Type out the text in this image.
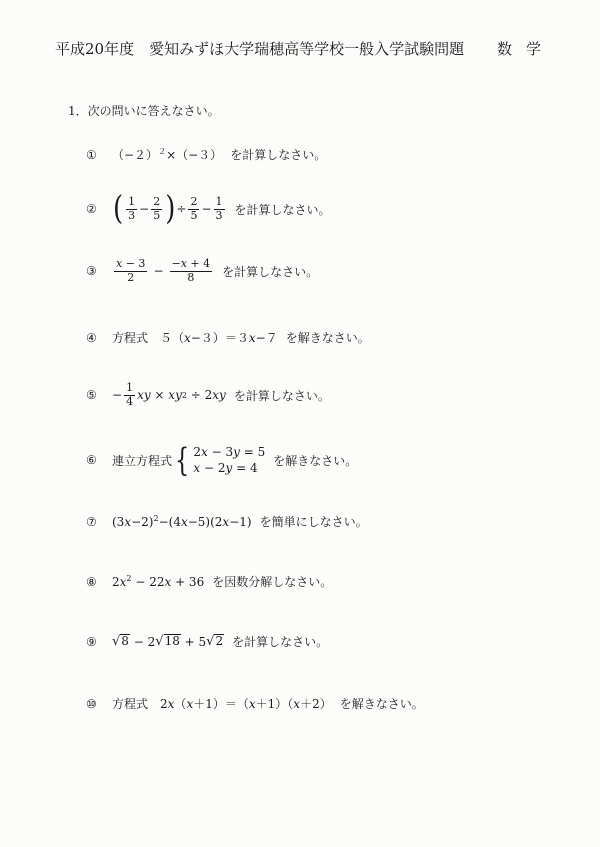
平成20年度　愛知みずほ大学瑞穂高等学校一般入学試験問題 数学
1．次の問いに答えなさい。
①	$(-2)^2\times(-3)$ を計算しなさい。
② ( $\frac{1}{3} - \frac{2}{5}$ ) ÷ $\frac{2}{5} - \frac{1}{3}$ を計算しなさい。
③	$\frac{x - 3}{2} - \frac{-x + 4}{8}$ を計算しなさい。
④	方程式　５（x−３）＝３x−７ を解きなさい。
⑤	− $\frac{1}{4}$ xy × xy 2 ÷ 2 xy を計算しなさい。
⑥	連立方程式 { 2x − 3y = 5
x − 2y = 4
を解きなさい。
⑦	$(3x-2)^2-(4x-5)(2x-1)$ を簡単にしなさい。
⑧	$2x^2 - 22x + 36$ を因数分解しなさい。
⑨	√ 8 − 2 √ 18 + 5 √ 2 を計算しなさい。
⑩	方程式　2x（x＋1）＝（x＋1）（x＋2） を解きなさい。
